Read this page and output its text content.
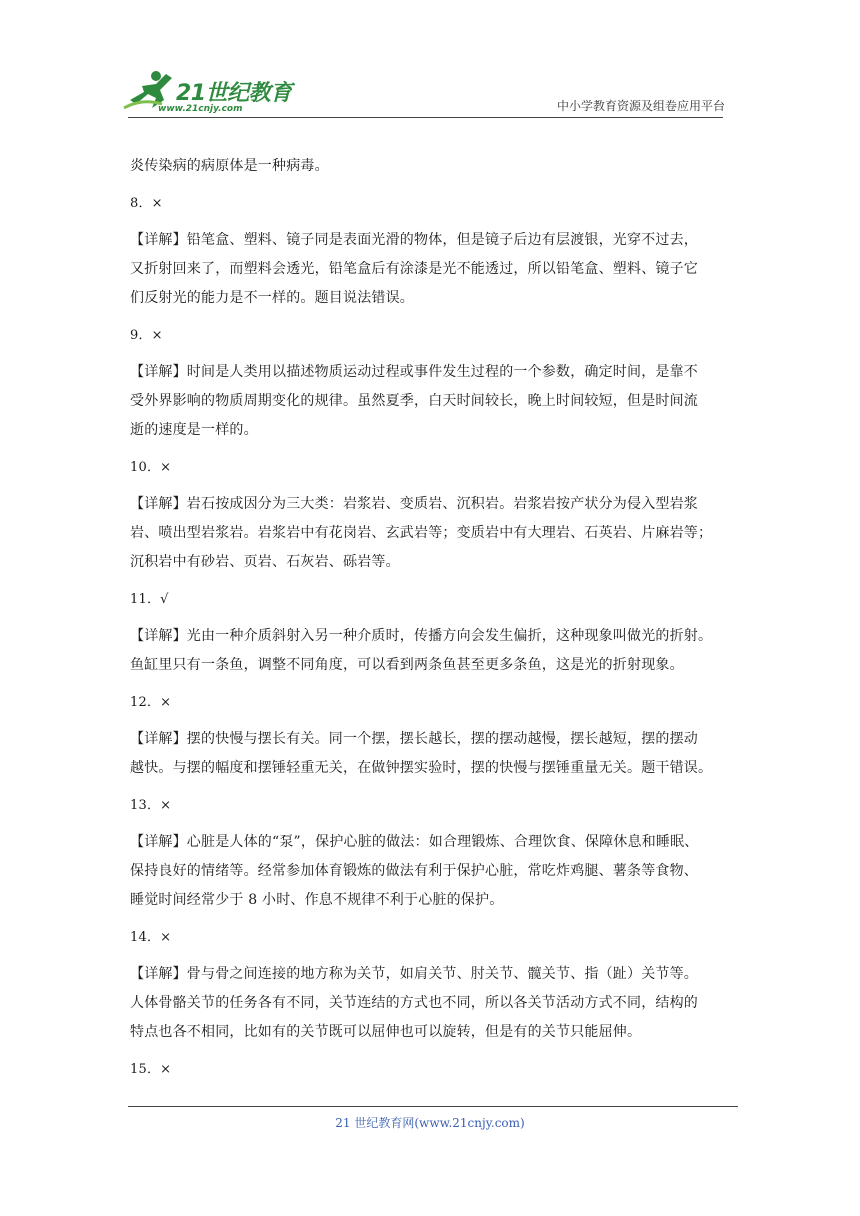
21世纪教育
www.21cnjy.com	中小学教育资源及组卷应用平台
炎传染病的病原体是一种病毒。
8．×
【详解】铅笔盒、塑料、镜子同是表面光滑的物体，但是镜子后边有层渡银，光穿不过去，
又折射回来了，而塑料会透光，铅笔盒后有涂漆是光不能透过，所以铅笔盒、塑料、镜子它
们反射光的能力是不一样的。题目说法错误。
9．×
【详解】时间是人类用以描述物质运动过程或事件发生过程的一个参数，确定时间，是靠不
受外界影响的物质周期变化的规律。虽然夏季，白天时间较长，晚上时间较短，但是时间流
逝的速度是一样的。
10．×
【详解】岩石按成因分为三大类：岩浆岩、变质岩、沉积岩。岩浆岩按产状分为侵入型岩浆
岩、喷出型岩浆岩。岩浆岩中有花岗岩、玄武岩等；变质岩中有大理岩、石英岩、片麻岩等；
沉积岩中有砂岩、页岩、石灰岩、砾岩等。
11．√
【详解】光由一种介质斜射入另一种介质时，传播方向会发生偏折，这种现象叫做光的折射。
鱼缸里只有一条鱼，调整不同角度，可以看到两条鱼甚至更多条鱼，这是光的折射现象。
12．×
【详解】摆的快慢与摆长有关。同一个摆，摆长越长，摆的摆动越慢，摆长越短，摆的摆动
越快。与摆的幅度和摆锤轻重无关，在做钟摆实验时，摆的快慢与摆锤重量无关。题干错误。
13．×
【详解】心脏是人体的“泵”，保护心脏的做法：如合理锻炼、合理饮食、保障休息和睡眠、
保持良好的情绪等。经常参加体育锻炼的做法有利于保护心脏，常吃炸鸡腿、薯条等食物、
睡觉时间经常少于 8 小时、作息不规律不利于心脏的保护。
14．×
【详解】骨与骨之间连接的地方称为关节，如肩关节、肘关节、髋关节、指（趾）关节等。
人体骨骼关节的任务各有不同，关节连结的方式也不同，所以各关节活动方式不同，结构的
特点也各不相同，比如有的关节既可以屈伸也可以旋转，但是有的关节只能屈伸。
15．×
21 世纪教育网(www.21cnjy.com)
